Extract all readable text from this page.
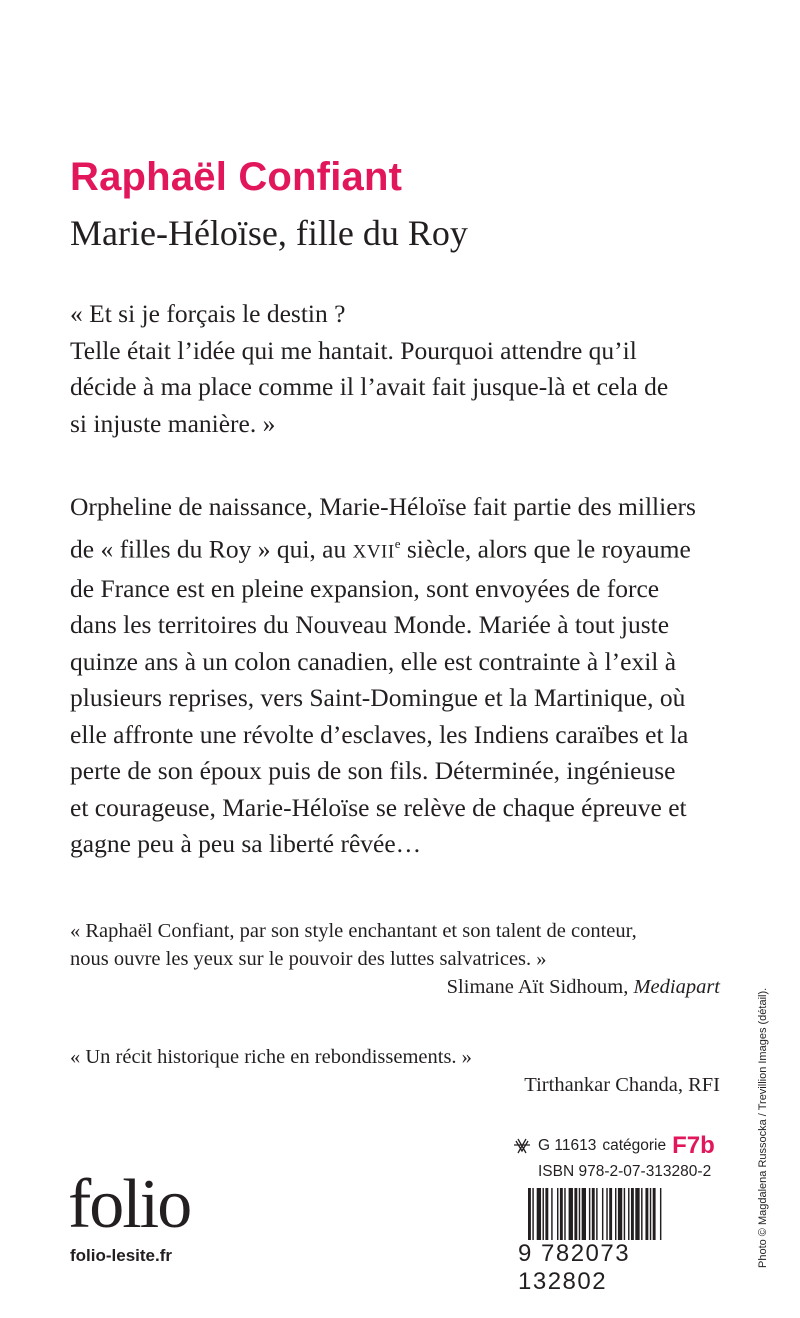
Raphaël Confiant
Marie-Héloïse, fille du Roy
« Et si je forçais le destin ?
Telle était l’idée qui me hantait. Pourquoi attendre qu’il
décide à ma place comme il l’avait fait jusque-là et cela de
si injuste manière. »
Orpheline de naissance, Marie-Héloïse fait partie des milliers
de « filles du Roy » qui, au XVIIe siècle, alors que le royaume
de France est en pleine expansion, sont envoyées de force
dans les territoires du Nouveau Monde. Mariée à tout juste
quinze ans à un colon canadien, elle est contrainte à l’exil à
plusieurs reprises, vers Saint-Domingue et la Martinique, où
elle affronte une révolte d’esclaves, les Indiens caraïbes et la
perte de son époux puis de son fils. Déterminée, ingénieuse
et courageuse, Marie-Héloïse se relève de chaque épreuve et
gagne peu à peu sa liberté rêvée…
« Raphaël Confiant, par son style enchantant et son talent de conteur,
nous ouvre les yeux sur le pouvoir des luttes salvatrices. »
Slimane Aït Sidhoum, Mediapart
« Un récit historique riche en rebondissements. »
Tirthankar Chanda, RFI
G 11613 catégorie F7b
ISBN 978-2-07-313280-2
9 782073 132802
folio
folio-lesite.fr	Photo © Magdalena Russocka / Trevillion Images (détail).
